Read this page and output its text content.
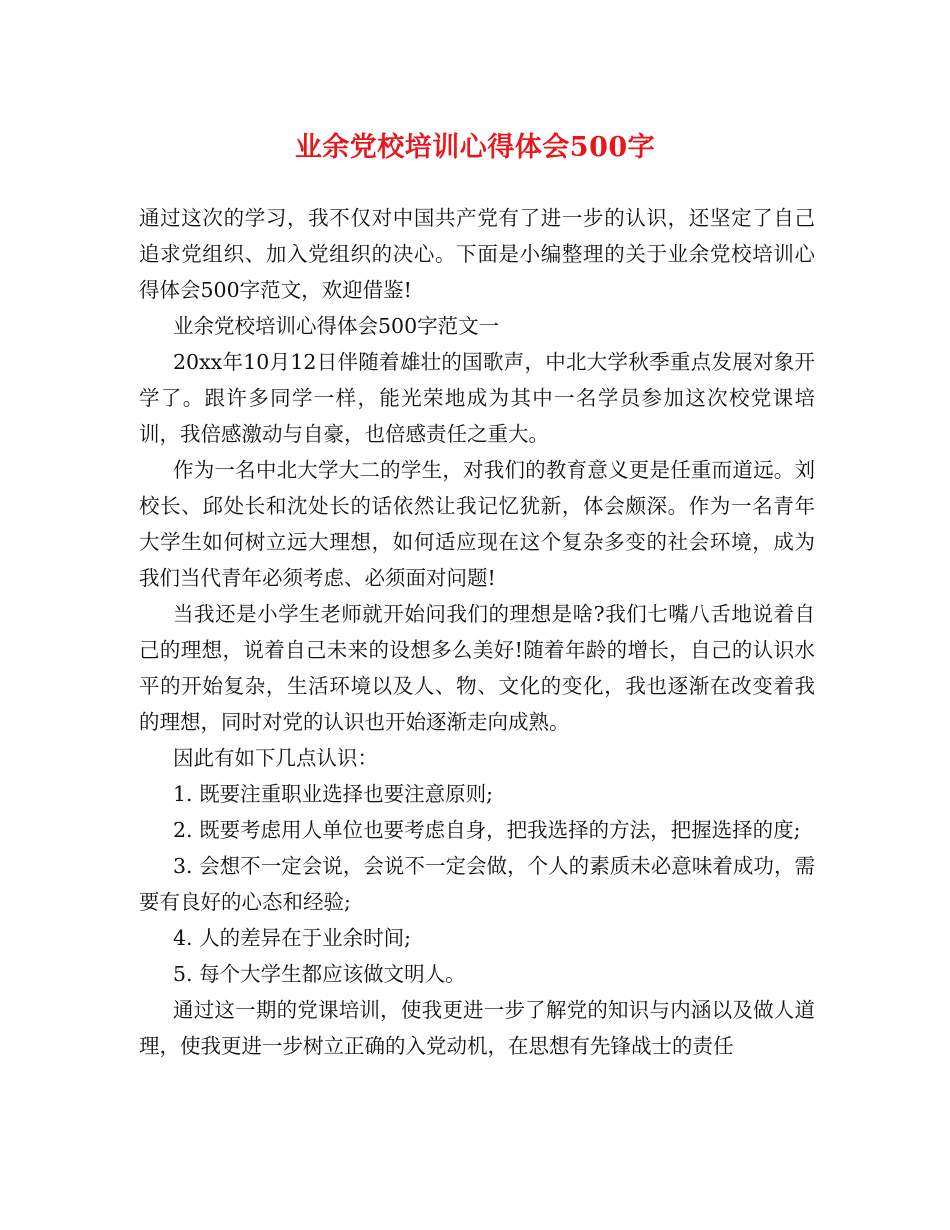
业余党校培训心得体会500字

通过这次的学习，我不仅对中国共产党有了进一步的认识，还坚定了自己追求党组织、加入党组织的决心。下面是小编整理的关于业余党校培训心得体会500字范文，欢迎借鉴!

业余党校培训心得体会500字范文一

20xx年10月12日伴随着雄壮的国歌声，中北大学秋季重点发展对象开学了。跟许多同学一样，能光荣地成为其中一名学员参加这次校党课培训，我倍感激动与自豪，也倍感责任之重大。

作为一名中北大学大二的学生，对我们的教育意义更是任重而道远。刘校长、邱处长和沈处长的话依然让我记忆犹新，体会颇深。作为一名青年大学生如何树立远大理想，如何适应现在这个复杂多变的社会环境，成为我们当代青年必须考虑、必须面对问题!

当我还是小学生老师就开始问我们的理想是啥?我们七嘴八舌地说着自己的理想，说着自己未来的设想多么美好!随着年龄的增长，自己的认识水平的开始复杂，生活环境以及人、物、文化的变化，我也逐渐在改变着我的理想，同时对党的认识也开始逐渐走向成熟。

因此有如下几点认识：

1. 既要注重职业选择也要注意原则;

2. 既要考虑用人单位也要考虑自身，把我选择的方法，把握选择的度;

3. 会想不一定会说，会说不一定会做，个人的素质未必意味着成功，需要有良好的心态和经验;

4. 人的差异在于业余时间;

5. 每个大学生都应该做文明人。

通过这一期的党课培训，使我更进一步了解党的知识与内涵以及做人道理，使我更进一步树立正确的入党动机，在思想有先锋战士的责任
